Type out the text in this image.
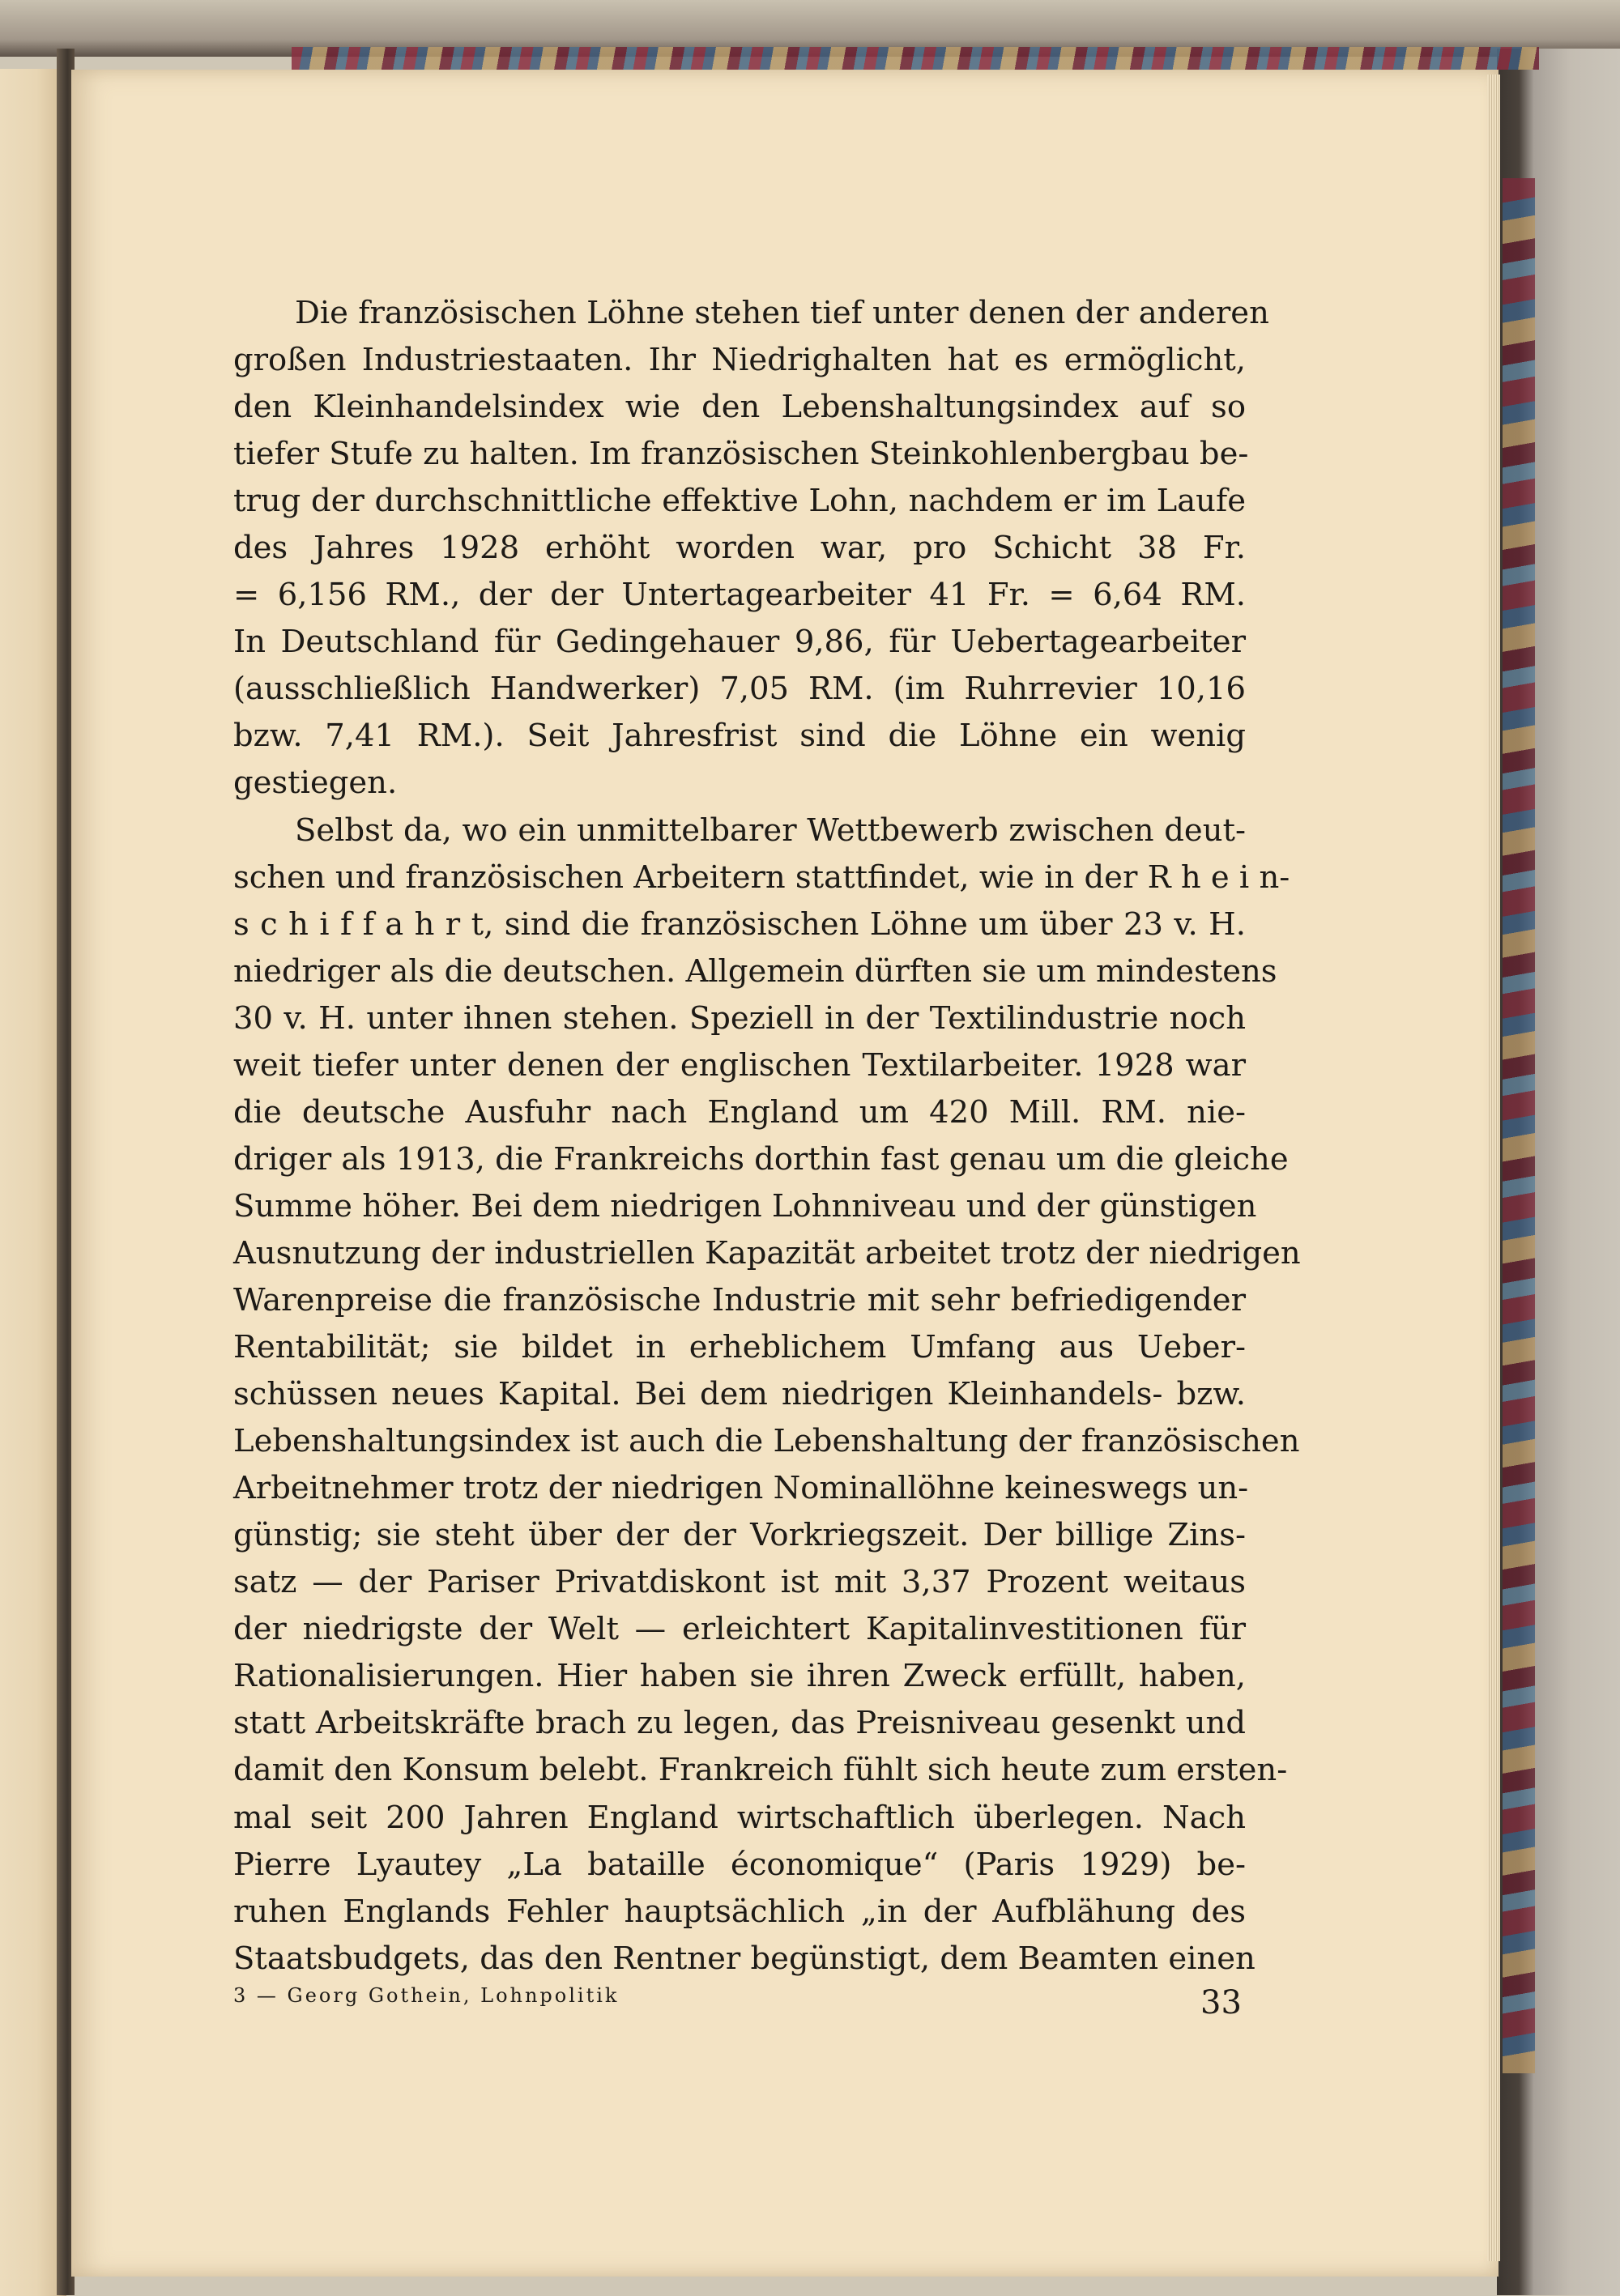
Die französischen Löhne stehen tief unter denen der anderen
großen Industriestaaten. Ihr Niedrighalten hat es ermöglicht,
den Kleinhandelsindex wie den Lebenshaltungsindex auf so
tiefer Stufe zu halten. Im französischen Steinkohlenbergbau be-
trug der durchschnittliche effektive Lohn, nachdem er im Laufe
des Jahres 1928 erhöht worden war, pro Schicht 38 Fr.
= 6,156 RM., der der Untertagearbeiter 41 Fr. = 6,64 RM.
In Deutschland für Gedingehauer 9,86, für Uebertagearbeiter
(ausschließlich Handwerker) 7,05 RM. (im Ruhrrevier 10,16
bzw. 7,41 RM.). Seit Jahresfrist sind die Löhne ein wenig
gestiegen.
Selbst da, wo ein unmittelbarer Wettbewerb zwischen deut-
schen und französischen Arbeitern stattfindet, wie in der R h e i n-
s c h i f f a h r t, sind die französischen Löhne um über 23 v. H.
niedriger als die deutschen. Allgemein dürften sie um mindestens
30 v. H. unter ihnen stehen. Speziell in der Textilindustrie noch
weit tiefer unter denen der englischen Textilarbeiter. 1928 war
die deutsche Ausfuhr nach England um 420 Mill. RM. nie-
driger als 1913, die Frankreichs dorthin fast genau um die gleiche
Summe höher. Bei dem niedrigen Lohnniveau und der günstigen
Ausnutzung der industriellen Kapazität arbeitet trotz der niedrigen
Warenpreise die französische Industrie mit sehr befriedigender
Rentabilität; sie bildet in erheblichem Umfang aus Ueber-
schüssen neues Kapital. Bei dem niedrigen Kleinhandels- bzw.
Lebenshaltungsindex ist auch die Lebenshaltung der französischen
Arbeitnehmer trotz der niedrigen Nominallöhne keineswegs un-
günstig; sie steht über der der Vorkriegszeit. Der billige Zins-
satz — der Pariser Privatdiskont ist mit 3,37 Prozent weitaus
der niedrigste der Welt — erleichtert Kapitalinvestitionen für
Rationalisierungen. Hier haben sie ihren Zweck erfüllt, haben,
statt Arbeitskräfte brach zu legen, das Preisniveau gesenkt und
damit den Konsum belebt. Frankreich fühlt sich heute zum ersten-
mal seit 200 Jahren England wirtschaftlich überlegen. Nach
Pierre Lyautey „La bataille économique“ (Paris 1929) be-
ruhen Englands Fehler hauptsächlich „in der Aufblähung des
Staatsbudgets, das den Rentner begünstigt, dem Beamten einen
3 — Georg Gothein, Lohnpolitik	33
